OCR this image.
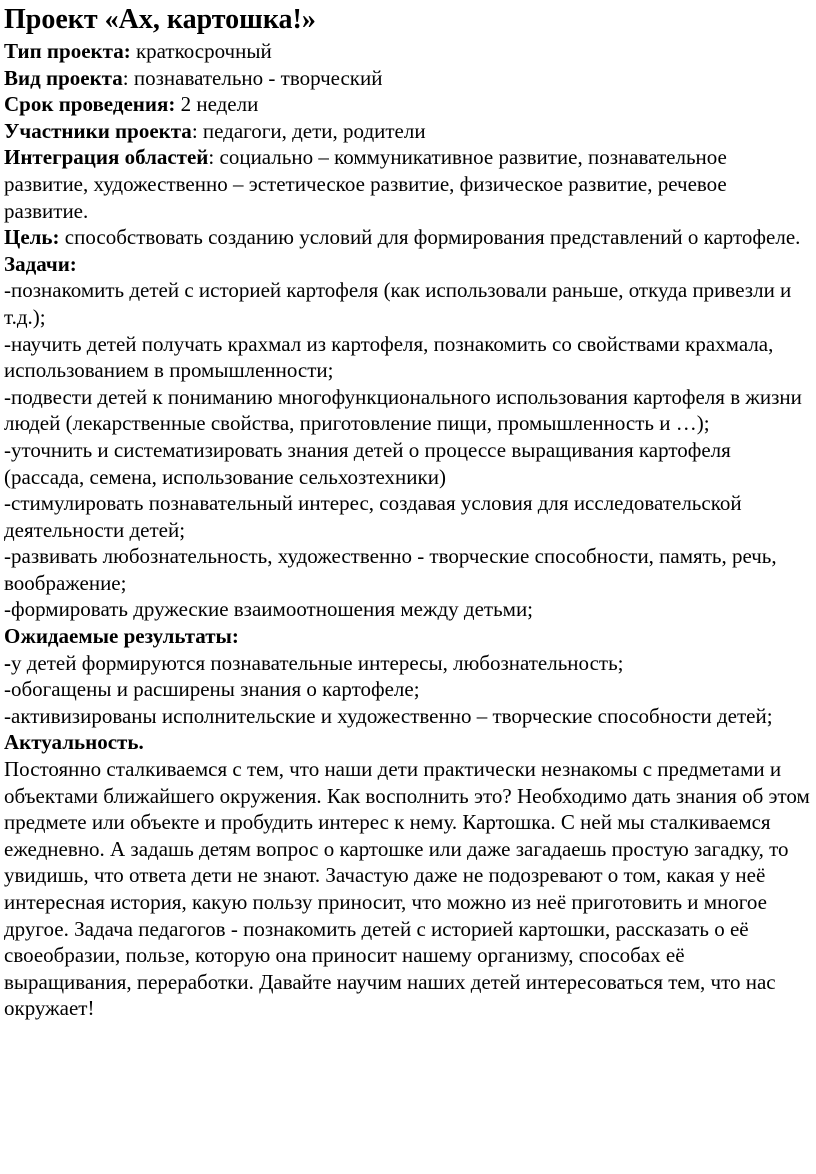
Проект «Ах, картошка!»

Тип проекта: краткосрочный

Вид проекта: познавательно - творческий

Срок проведения: 2 недели

Участники проекта: педагоги, дети, родители

Интеграция областей: социально – коммуникативное развитие, познавательное развитие, художественно – эстетическое развитие, физическое развитие, речевое развитие.

Цель: способствовать созданию условий для формирования представлений о картофеле.

Задачи:

-познакомить детей с историей картофеля (как использовали раньше, откуда привезли и т.д.);
-научить детей получать крахмал из картофеля, познакомить со свойствами крахмала, использованием в промышленности;
-подвести детей к пониманию многофункционального использования картофеля в жизни людей (лекарственные свойства, приготовление пищи, промышленность и …);
-уточнить и систематизировать знания детей о процессе выращивания картофеля (рассада, семена, использование сельхозтехники)
-стимулировать познавательный интерес, создавая условия для исследовательской деятельности детей;
-развивать любознательность, художественно - творческие способности, память, речь, воображение;
-формировать дружеские взаимоотношения между детьми;

Ожидаемые результаты:

-у детей формируются познавательные интересы, любознательность;
-обогащены и расширены знания о картофеле;
-активизированы исполнительские и художественно – творческие способности детей;

Актуальность.

Постоянно сталкиваемся с тем, что наши дети практически незнакомы с предметами и объектами ближайшего окружения. Как восполнить это? Необходимо дать знания об этом предмете или объекте и пробудить интерес к нему. Картошка. С ней мы сталкиваемся ежедневно. А задашь детям вопрос о картошке или даже загадаешь простую загадку, то увидишь, что ответа дети не знают. Зачастую даже не подозревают о том, какая у неё интересная история, какую пользу приносит, что можно из неё приготовить и многое другое. Задача педагогов - познакомить детей с историей картошки, рассказать о её своеобразии, пользе, которую она приносит нашему организму, способах её выращивания, переработки. Давайте научим наших детей интересоваться тем, что нас окружает!
